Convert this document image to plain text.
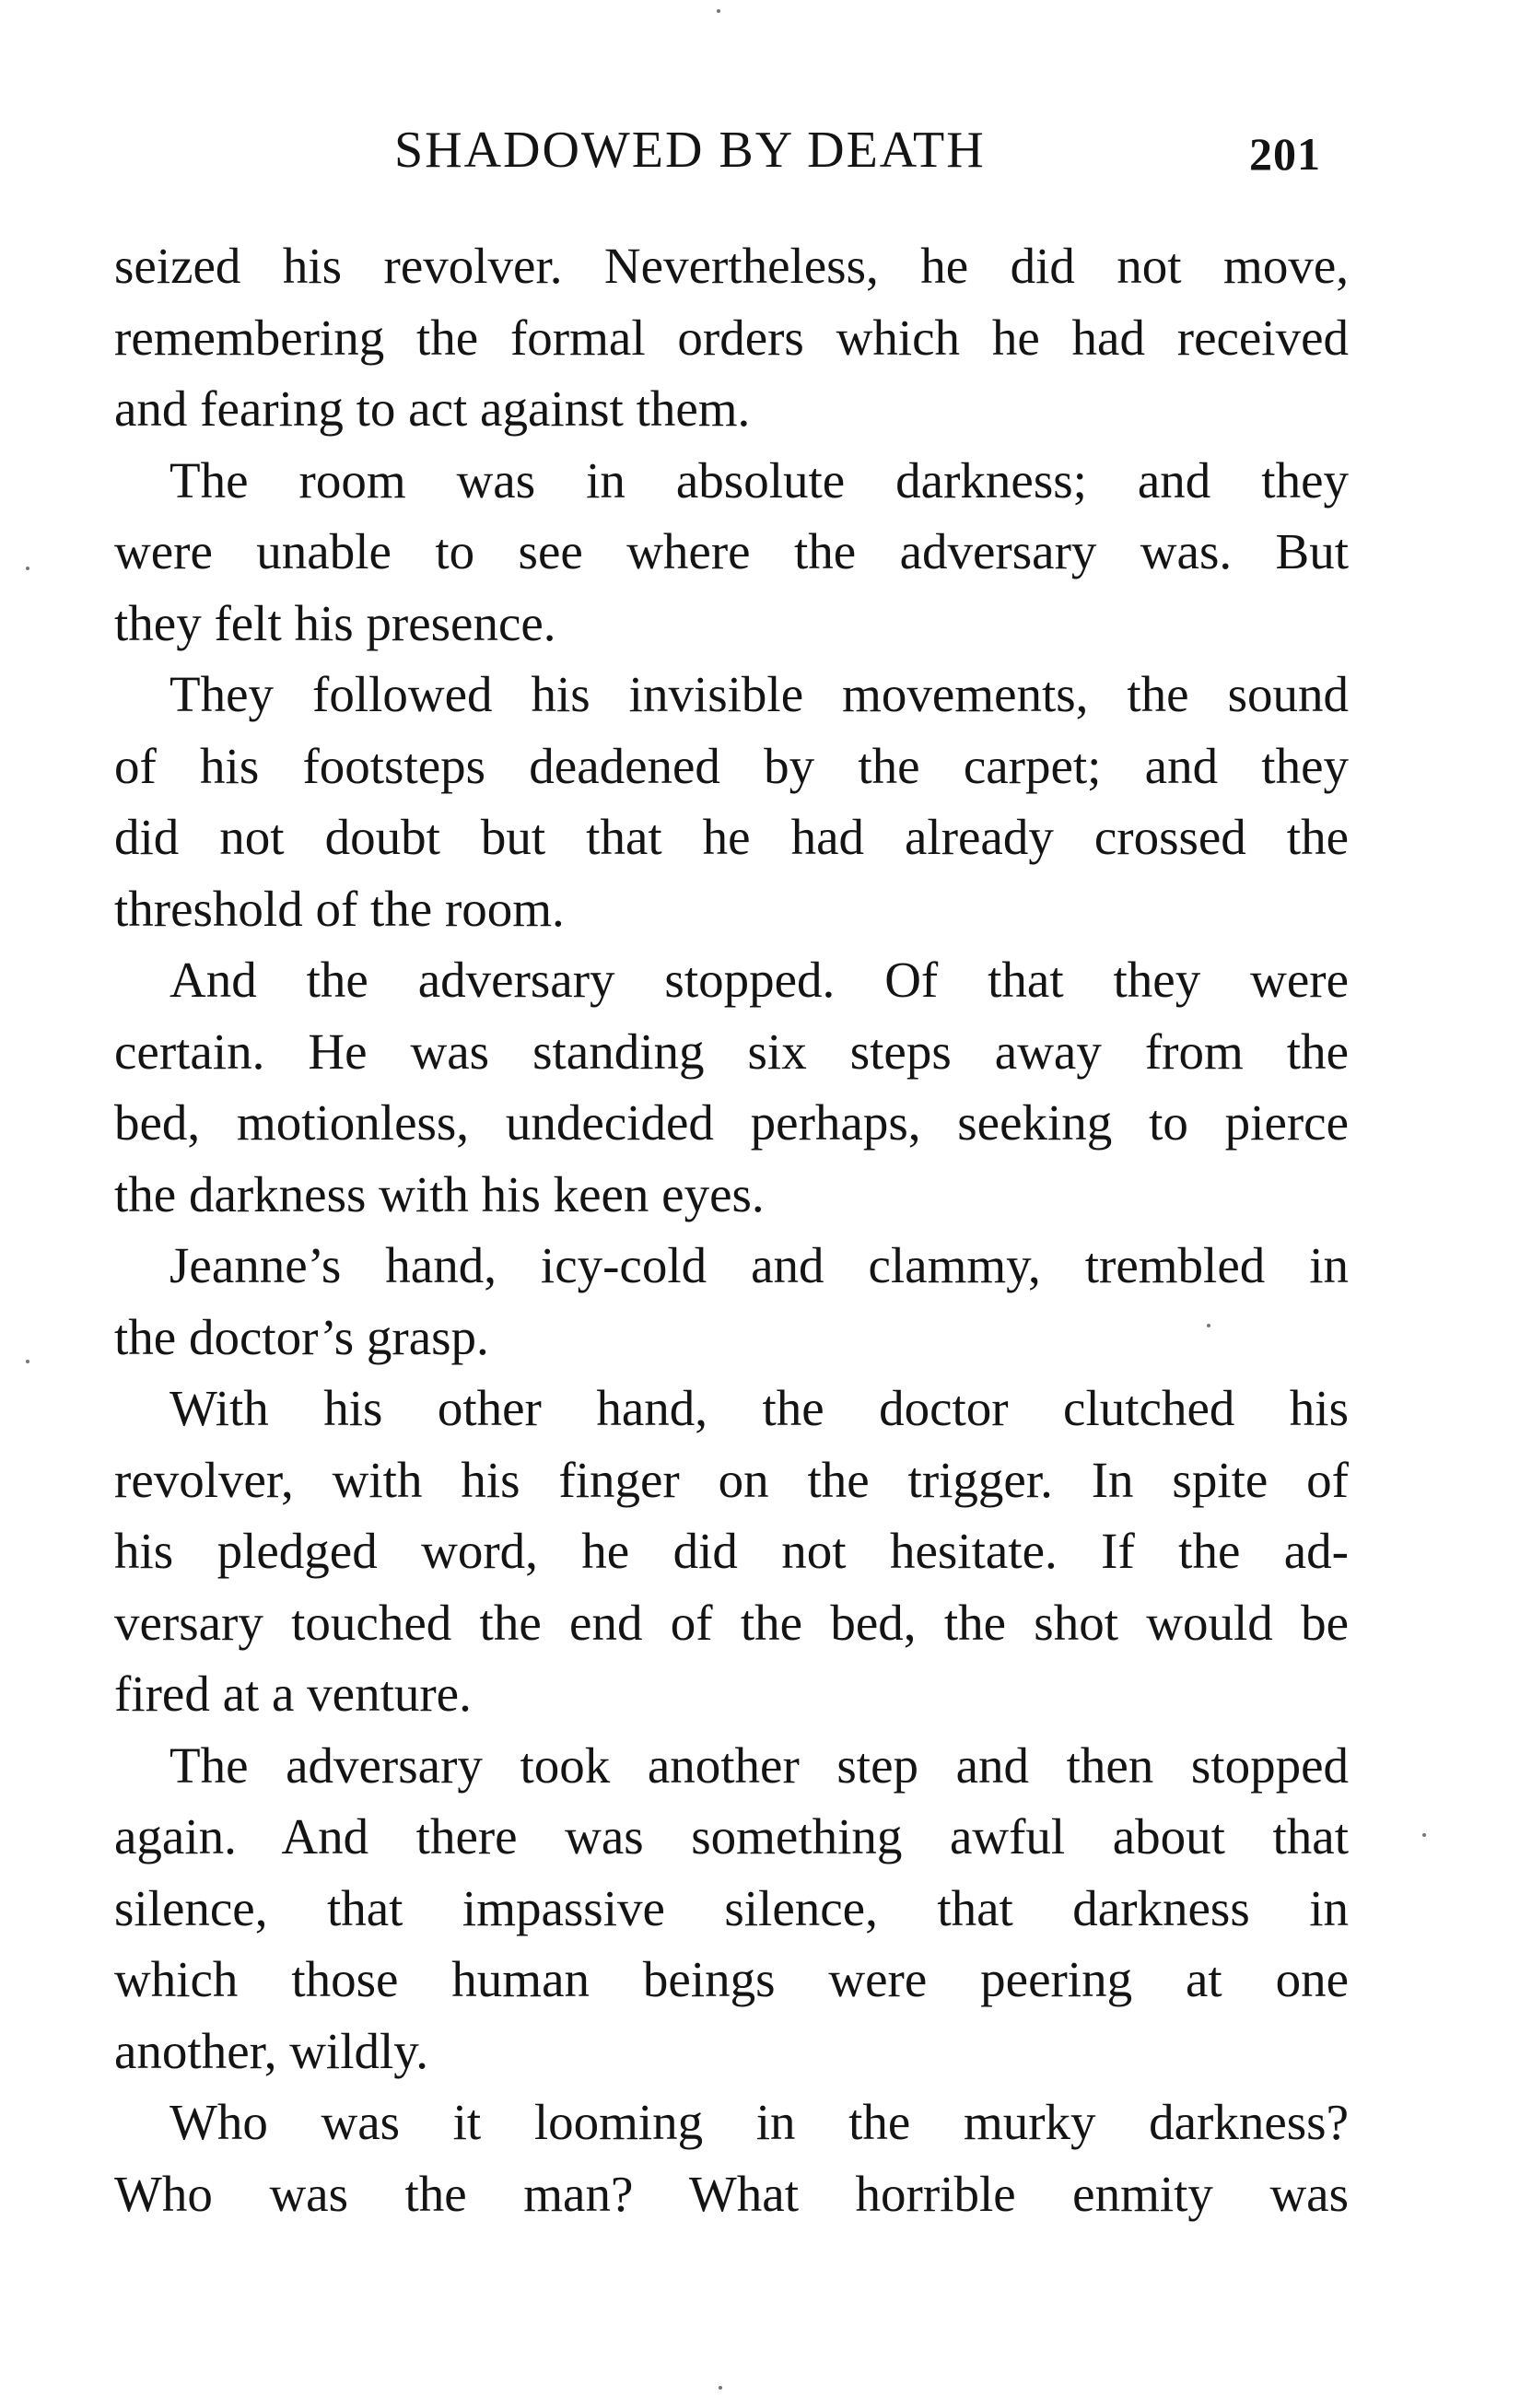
SHADOWED BY DEATH	201
seized his revolver. Nevertheless, he did not move,
remembering the formal orders which he had received
and fearing to act against them.
The room was in absolute darkness; and they
were unable to see where the adversary was. But
they felt his presence.
They followed his invisible movements, the sound
of his footsteps deadened by the carpet; and they
did not doubt but that he had already crossed the
threshold of the room.
And the adversary stopped. Of that they were
certain. He was standing six steps away from the
bed, motionless, undecided perhaps, seeking to pierce
the darkness with his keen eyes.
Jeanne’s hand, icy-cold and clammy, trembled in
the doctor’s grasp.
With his other hand, the doctor clutched his
revolver, with his finger on the trigger. In spite of
his pledged word, he did not hesitate. If the ad-
versary touched the end of the bed, the shot would be
fired at a venture.
The adversary took another step and then stopped
again. And there was something awful about that
silence, that impassive silence, that darkness in
which those human beings were peering at one
another, wildly.
Who was it looming in the murky darkness?
Who was the man? What horrible enmity was
